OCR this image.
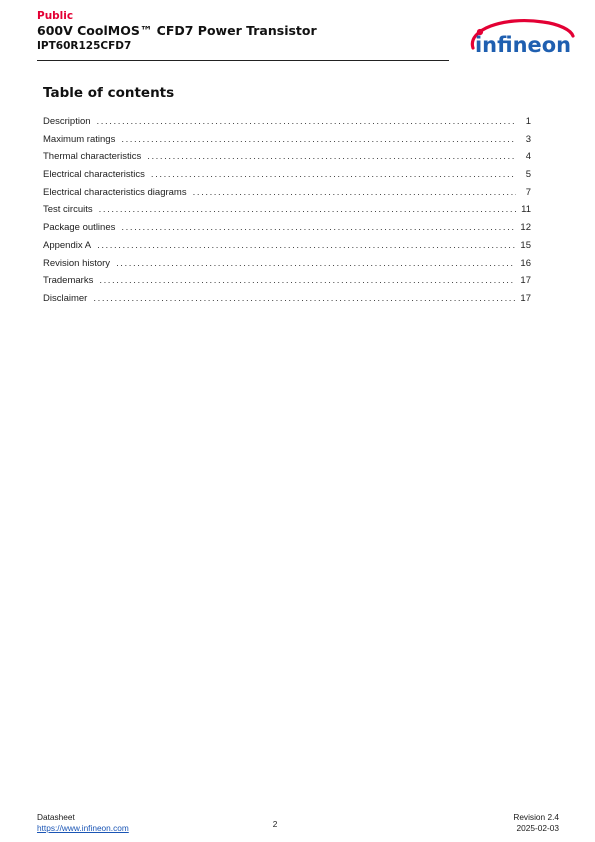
Public
600V CoolMOS™ CFD7 Power Transistor
IPT60R125CFD7	infineon
Table of contents
Description .....	1
Maximum ratings .....	3
Thermal characteristics .....	4
Electrical characteristics .....	5
Electrical characteristics diagrams .....	7
Test circuits .....	11
Package outlines .....	12
Appendix A .....	15
Revision history .....	16
Trademarks .....	17
Disclaimer .....	17
Datasheet
https://www.infineon.com	2
Revision 2.4
2025-02-03
